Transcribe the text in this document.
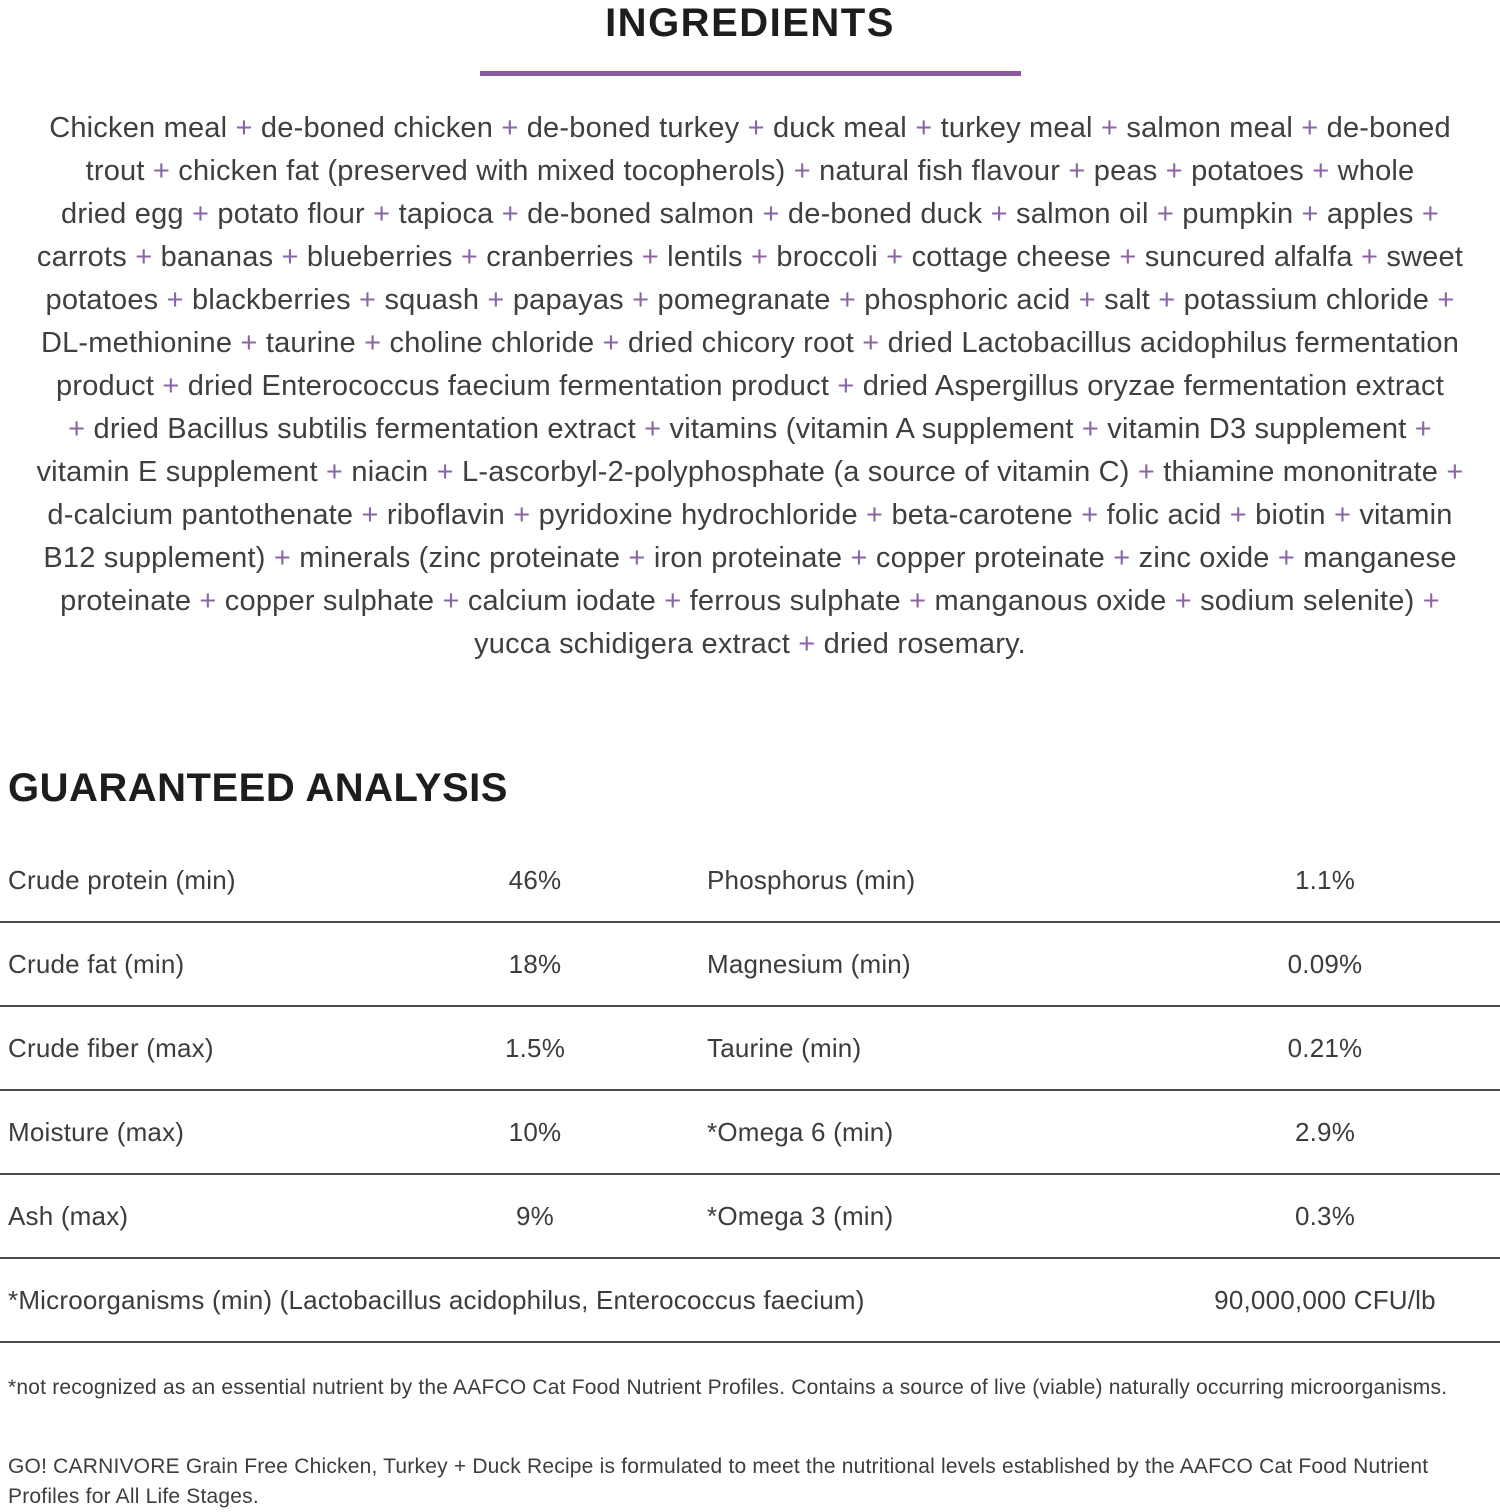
INGREDIENTS
Chicken meal + de-boned chicken + de-boned turkey + duck meal + turkey meal + salmon meal + de-boned
trout + chicken fat (preserved with mixed tocopherols) + natural fish flavour + peas + potatoes + whole
dried egg + potato flour + tapioca + de-boned salmon + de-boned duck + salmon oil + pumpkin + apples +
carrots + bananas + blueberries + cranberries + lentils + broccoli + cottage cheese + suncured alfalfa + sweet
potatoes + blackberries + squash + papayas + pomegranate + phosphoric acid + salt + potassium chloride +
DL-methionine + taurine + choline chloride + dried chicory root + dried Lactobacillus acidophilus fermentation
product + dried Enterococcus faecium fermentation product + dried Aspergillus oryzae fermentation extract
+ dried Bacillus subtilis fermentation extract + vitamins (vitamin A supplement + vitamin D3 supplement +
vitamin E supplement + niacin + L-ascorbyl-2-polyphosphate (a source of vitamin C) + thiamine mononitrate +
d-calcium pantothenate + riboflavin + pyridoxine hydrochloride + beta-carotene + folic acid + biotin + vitamin
B12 supplement) + minerals (zinc proteinate + iron proteinate + copper proteinate + zinc oxide + manganese
proteinate + copper sulphate + calcium iodate + ferrous sulphate + manganous oxide + sodium selenite) +
yucca schidigera extract + dried rosemary.
GUARANTEED ANALYSIS
Crude protein (min)	46%	Phosphorus (min)	1.1%
Crude fat (min)	18%	Magnesium (min)	0.09%
Crude fiber (max)	1.5%	Taurine (min)	0.21%
Moisture (max)	10%	*Omega 6 (min)	2.9%
Ash (max)	9%	*Omega 3 (min)	0.3%
*Microorganisms (min) (Lactobacillus acidophilus, Enterococcus faecium)	90,000,000 CFU/lb

*not recognized as an essential nutrient by the AAFCO Cat Food Nutrient Profiles. Contains a source of live (viable) naturally occurring microorganisms.

GO! CARNIVORE Grain Free Chicken, Turkey + Duck Recipe is formulated to meet the nutritional levels established by the AAFCO Cat Food Nutrient Profiles for All Life Stages.
